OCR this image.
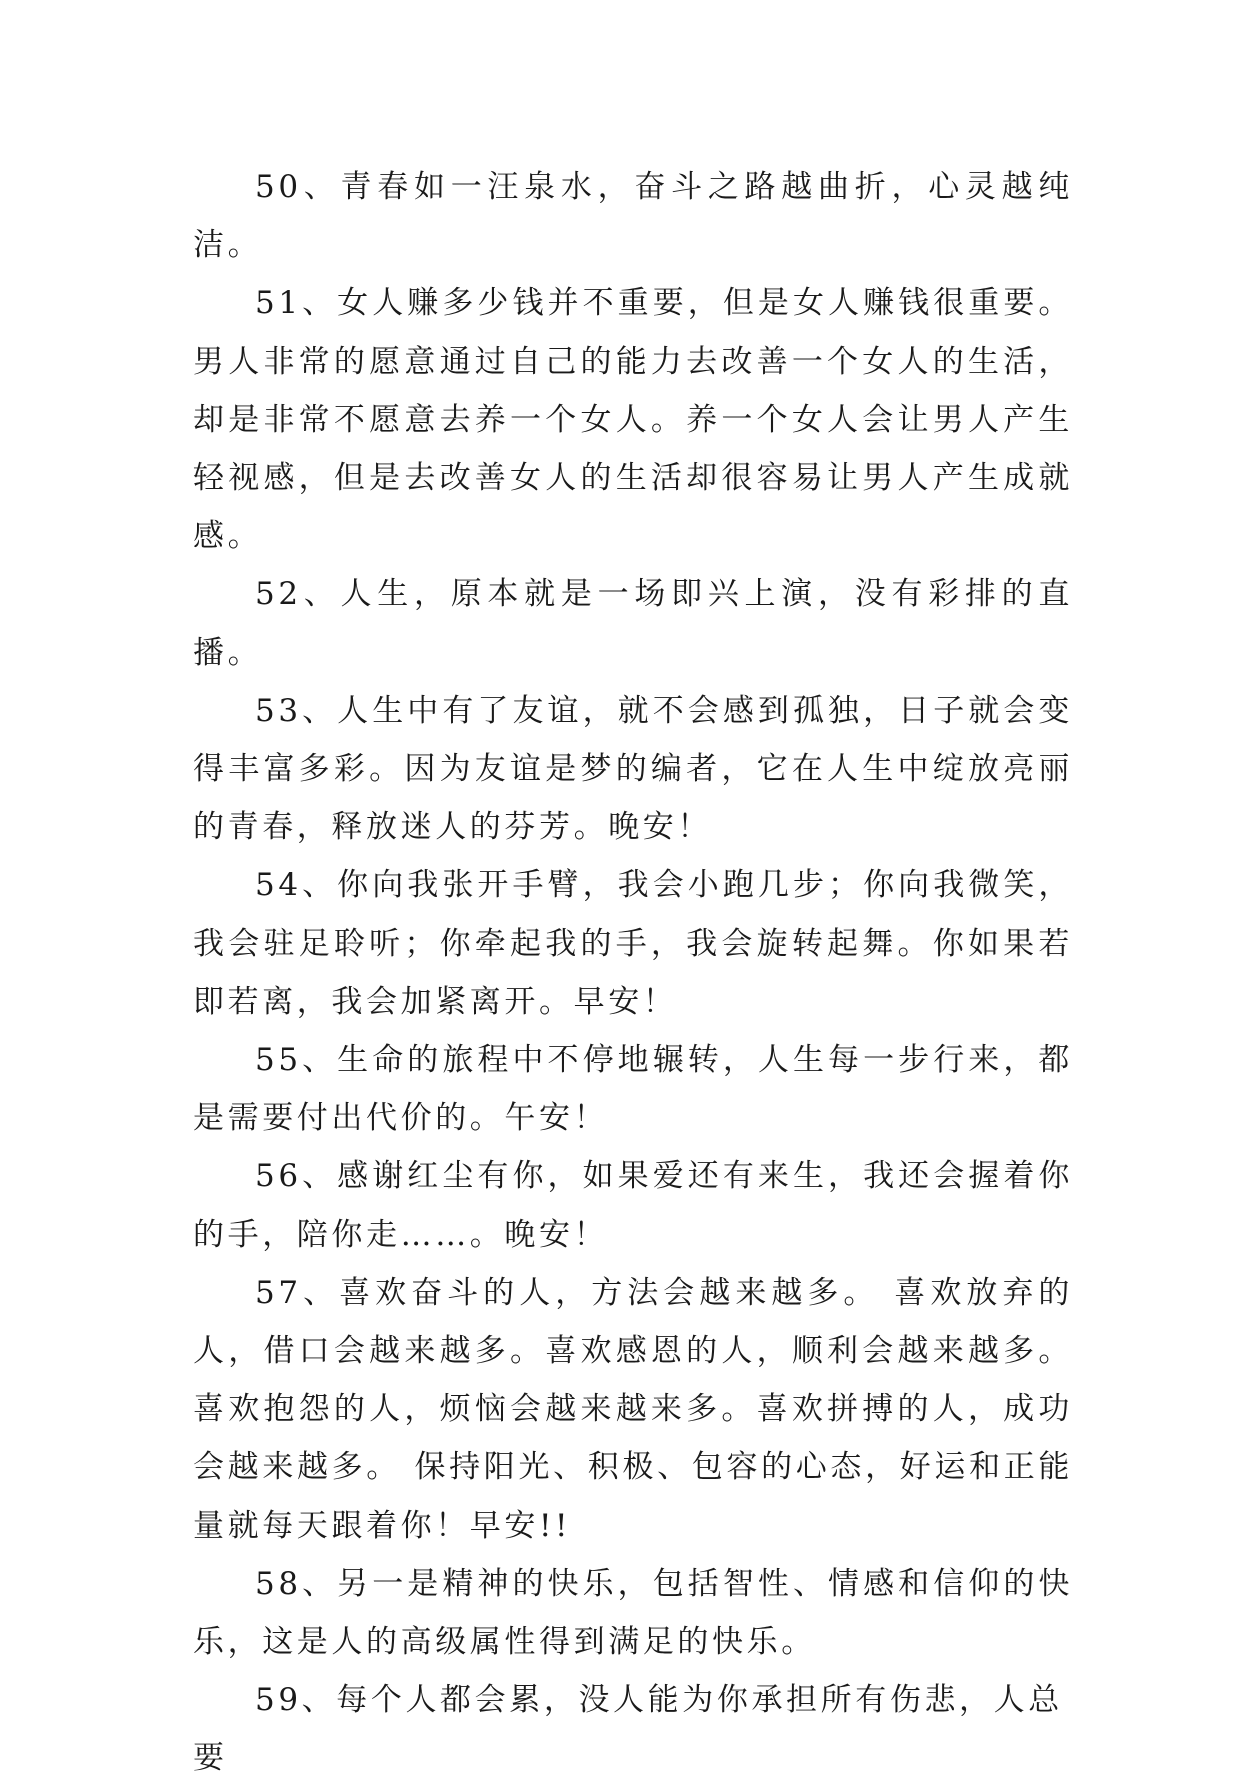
50、青春如一汪泉水，奋斗之路越曲折，心灵越纯洁。

51、女人赚多少钱并不重要，但是女人赚钱很重要。男人非常的愿意通过自己的能力去改善一个女人的生活，却是非常不愿意去养一个女人。养一个女人会让男人产生轻视感，但是去改善女人的生活却很容易让男人产生成就感。

52、人生，原本就是一场即兴上演，没有彩排的直播。

53、人生中有了友谊，就不会感到孤独，日子就会变得丰富多彩。因为友谊是梦的编者，它在人生中绽放亮丽的青春，释放迷人的芬芳。晚安！

54、你向我张开手臂，我会小跑几步；你向我微笑，我会驻足聆听；你牵起我的手，我会旋转起舞。你如果若即若离，我会加紧离开。早安！

55、生命的旅程中不停地辗转，人生每一步行来，都是需要付出代价的。午安！

56、感谢红尘有你，如果爱还有来生，我还会握着你的手，陪你走……。晚安！

57、喜欢奋斗的人，方法会越来越多。 喜欢放弃的人，借口会越来越多。喜欢感恩的人，顺利会越来越多。喜欢抱怨的人，烦恼会越来越来多。喜欢拼搏的人，成功会越来越多。 保持阳光、积极、包容的心态，好运和正能量就每天跟着你！早安!!

58、另一是精神的快乐，包括智性、情感和信仰的快乐，这是人的高级属性得到满足的快乐。

59、每个人都会累，没人能为你承担所有伤悲，人总要
